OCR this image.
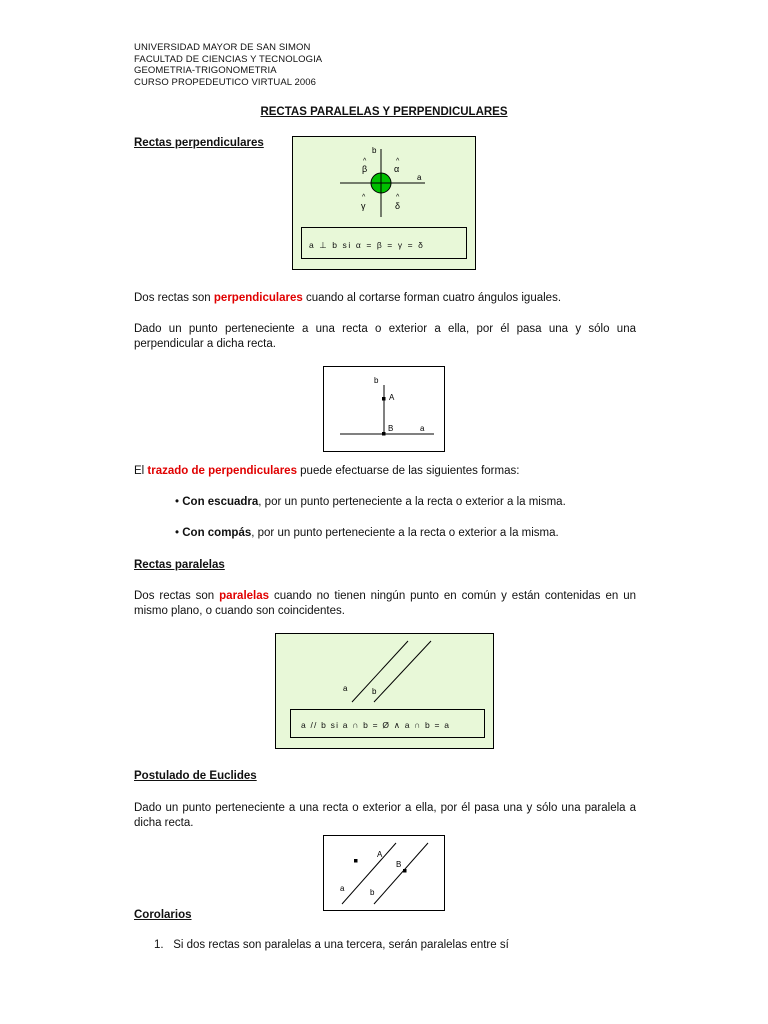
UNIVERSIDAD MAYOR DE SAN SIMON
FACULTAD DE CIENCIAS Y TECNOLOGIA
GEOMETRIA-TRIGONOMETRIA
CURSO PROPEDEUTICO VIRTUAL 2006
RECTAS PARALELAS Y PERPENDICULARES
Rectas perpendiculares
b
a
^
β
^
α
^
γ
^
δ
a ⊥ b si α = β = γ = δ
Dos rectas son perpendiculares cuando al cortarse forman cuatro ángulos iguales.
Dado un punto perteneciente a una recta o exterior a ella, por él pasa una y sólo una perpendicular a dicha recta.
b
A
B	a
El trazado de perpendiculares puede efectuarse de las siguientes formas:
• Con escuadra, por un punto perteneciente a la recta o exterior a la misma.
• Con compás, por un punto perteneciente a la recta o exterior a la misma.
Rectas paralelas
Dos rectas son paralelas cuando no tienen ningún punto en común y están contenidas en un mismo plano, o cuando son coincidentes.
a	b
a // b si a ∩ b = Ø ∧ a ∩ b = a
Postulado de Euclides
Dado un punto perteneciente a una recta o exterior a ella, por él pasa una y sólo una paralela a dicha recta.
A
B
a	b
Corolarios
1. Si dos rectas son paralelas a una tercera, serán paralelas entre sí
